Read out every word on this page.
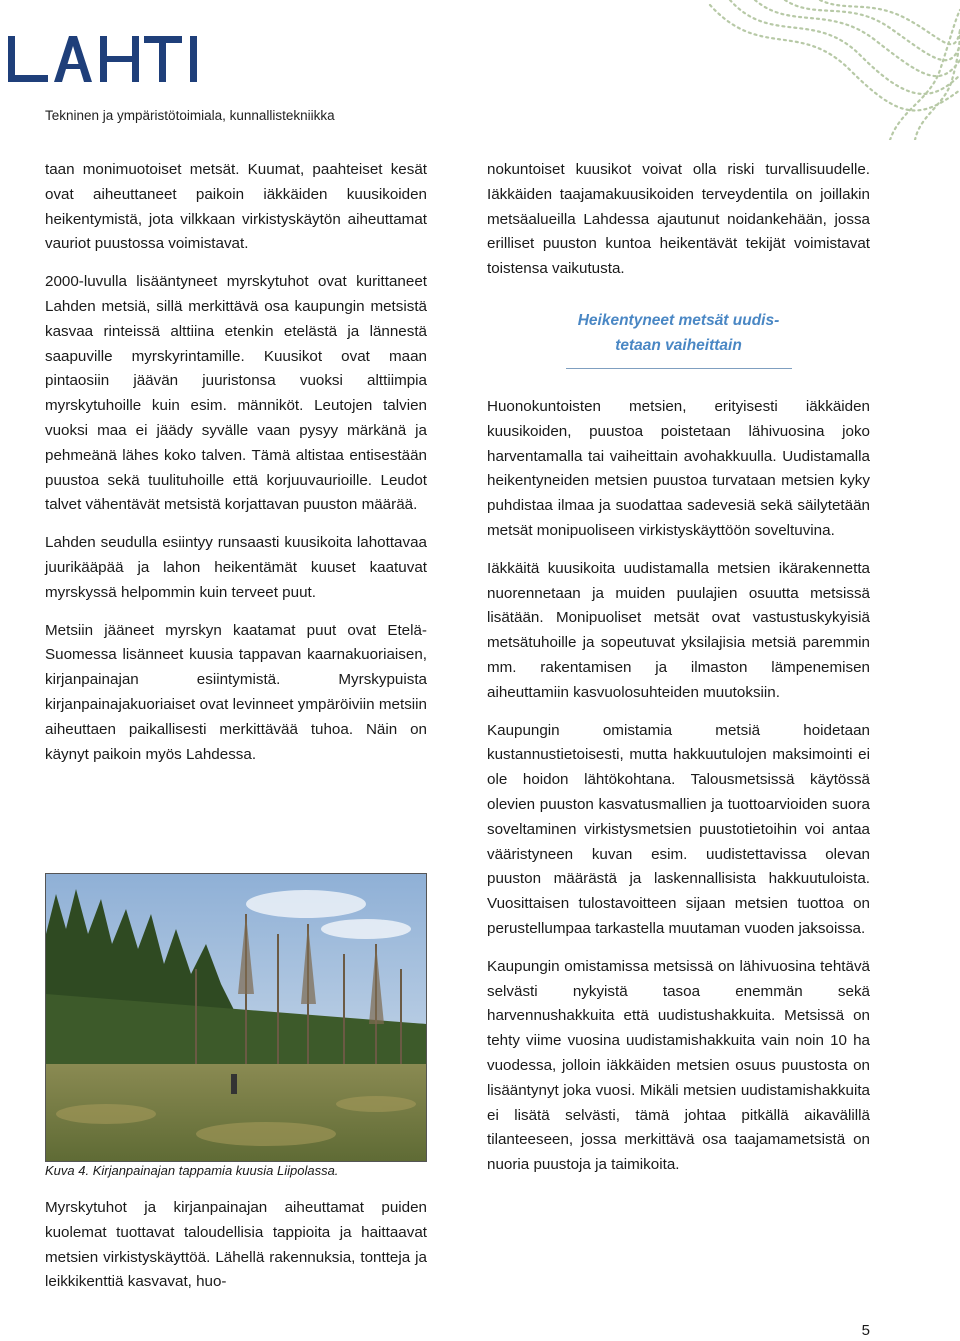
Tekninen ja ympäristötoimiala, kunnallistekniikka

taan monimuotoiset metsät. Kuumat, paahteiset kesät ovat aiheuttaneet paikoin iäkkäiden kuusikoiden heikentymistä, jota vilkkaan virkistyskäytön aiheuttamat vauriot puustossa voimistavat.

2000-luvulla lisääntyneet myrskytuhot ovat kurittaneet Lahden metsiä, sillä merkittävä osa kaupungin metsistä kasvaa rinteissä alttiina etenkin etelästä ja lännestä saapuville myrskyrintamille. Kuusikot ovat maan pintaosiin jäävän juuristonsa vuoksi alttiimpia myrskytuhoille kuin esim. männiköt. Leutojen talvien vuoksi maa ei jäädy syvälle vaan pysyy märkänä ja pehmeänä lähes koko talven. Tämä altistaa entisestään puustoa sekä tuulituhoille että korjuuvaurioille. Leudot talvet vähentävät metsistä korjattavan puuston määrää.

Lahden seudulla esiintyy runsaasti kuusikoita lahottavaa juurikääpää ja lahon heikentämät kuuset kaatuvat myrskyssä helpommin kuin terveet puut.

Metsiin jääneet myrskyn kaatamat puut ovat Etelä-Suomessa lisänneet kuusia tappavan kaarnakuoriaisen, kirjanpainajan esiintymistä. Myrskypuista kirjanpainajakuoriaiset ovat levinneet ympäröiviin metsiin aiheuttaen paikallisesti merkittävää tuhoa. Näin on käynyt paikoin myös Lahdessa.

Kuva 4. Kirjanpainajan tappamia kuusia Liipolassa.

Myrskytuhot ja kirjanpainajan aiheuttamat puiden kuolemat tuottavat taloudellisia tappioita ja haittaavat metsien virkistyskäyttöä. Lähellä rakennuksia, tontteja ja leikkikenttiä kasvavat, huo-

nokuntoiset kuusikot voivat olla riski turvallisuudelle. Iäkkäiden taajamakuusikoiden terveydentila on joillakin metsäalueilla Lahdessa ajautunut noidankehään, jossa erilliset puuston kuntoa heikentävät tekijät voimistavat toistensa vaikutusta.

Heikentyneet metsät uudis-
tetaan vaiheittain

Huonokuntoisten metsien, erityisesti iäkkäiden kuusikoiden, puustoa poistetaan lähivuosina joko harventamalla tai vaiheittain avohakkuulla. Uudistamalla heikentyneiden metsien puustoa turvataan metsien kyky puhdistaa ilmaa ja suodattaa sadevesiä sekä säilytetään metsät monipuoliseen virkistyskäyttöön soveltuvina.

Iäkkäitä kuusikoita uudistamalla metsien ikärakennetta nuorennetaan ja muiden puulajien osuutta metsissä lisätään. Monipuoliset metsät ovat vastustuskykyisiä metsätuhoille ja sopeutuvat yksilajisia metsiä paremmin mm. rakentamisen ja ilmaston lämpenemisen aiheuttamiin kasvuolosuhteiden muutoksiin.

Kaupungin omistamia metsiä hoidetaan kustannustietoisesti, mutta hakkuutulojen maksimointi ei ole hoidon lähtökohtana. Talousmetsissä käytössä olevien puuston kasvatusmallien ja tuottoarvioiden suora soveltaminen virkistysmetsien puustotietoihin voi antaa vääristyneen kuvan esim. uudistettavissa olevan puuston määrästä ja laskennallisista hakkuutuloista. Vuosittaisen tulostavoitteen sijaan metsien tuottoa on perustellumpaa tarkastella muutaman vuoden jaksoissa.

Kaupungin omistamissa metsissä on lähivuosina tehtävä selvästi nykyistä tasoa enemmän sekä harvennushakkuita että uudistushakkuita. Metsissä on tehty viime vuosina uudistamishakkuita vain noin 10 ha vuodessa, jolloin iäkkäiden metsien osuus puustosta on lisääntynyt joka vuosi. Mikäli metsien uudistamishakkuita ei lisätä selvästi, tämä johtaa pitkällä aikavälillä tilanteeseen, jossa merkittävä osa taajamametsistä on nuoria puustoja ja taimikoita.

5
